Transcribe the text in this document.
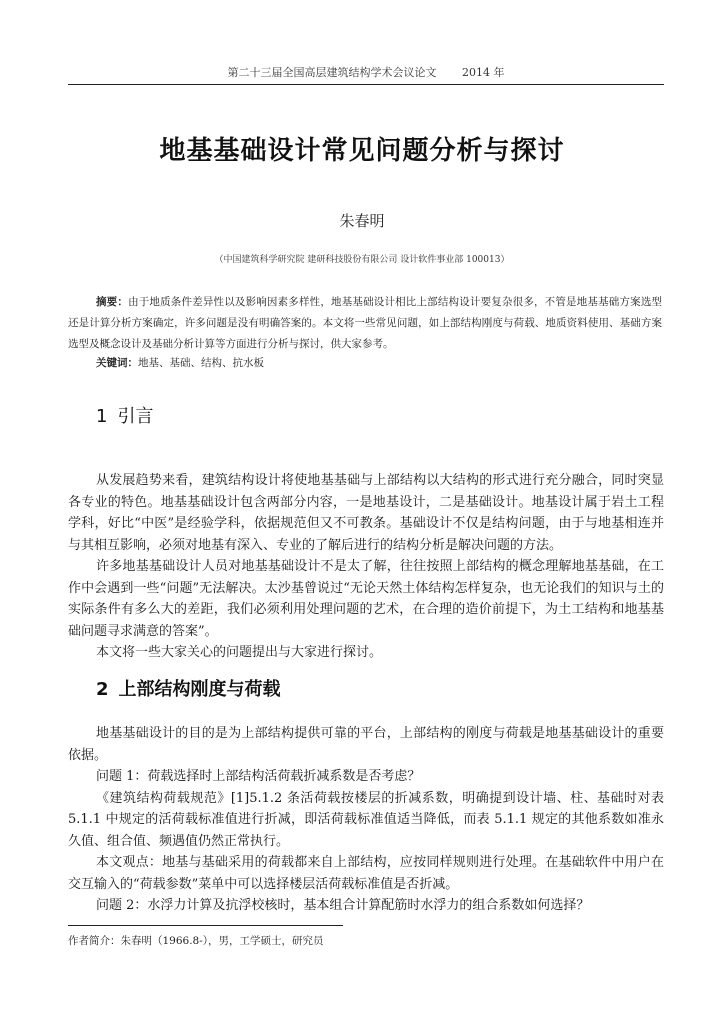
第二十三届全国高层建筑结构学术会议论文 2014 年
地基基础设计常见问题分析与探讨
朱春明
（中国建筑科学研究院 建研科技股份有限公司 设计软件事业部 100013）
摘要：由于地质条件差异性以及影响因素多样性，地基基础设计相比上部结构设计要复杂很多，不管是地基基础方案选型还是计算分析方案确定，许多问题是没有明确答案的。本文将一些常见问题，如上部结构刚度与荷载、地质资料使用、基础方案选型及概念设计及基础分析计算等方面进行分析与探讨，供大家参考。
关键词：地基、基础、结构、抗水板
1 引言

从发展趋势来看，建筑结构设计将使地基基础与上部结构以大结构的形式进行充分融合，同时突显各专业的特色。地基基础设计包含两部分内容，一是地基设计，二是基础设计。地基设计属于岩土工程学科，好比“中医”是经验学科，依据规范但又不可教条。基础设计不仅是结构问题，由于与地基相连并与其相互影响，必须对地基有深入、专业的了解后进行的结构分析是解决问题的方法。

许多地基基础设计人员对地基基础设计不是太了解，往往按照上部结构的概念理解地基基础，在工作中会遇到一些“问题”无法解决。太沙基曾说过“无论天然土体结构怎样复杂，也无论我们的知识与土的实际条件有多么大的差距，我们必须利用处理问题的艺术，在合理的造价前提下，为土工结构和地基基础问题寻求满意的答案”。

本文将一些大家关心的问题提出与大家进行探讨。

2 上部结构刚度与荷载

地基基础设计的目的是为上部结构提供可靠的平台，上部结构的刚度与荷载是地基基础设计的重要依据。

问题 1：荷载选择时上部结构活荷载折减系数是否考虑？

《建筑结构荷载规范》[1]5.1.2 条活荷载按楼层的折减系数，明确提到设计墙、柱、基础时对表 5.1.1 中规定的活荷载标准值进行折减，即活荷载标准值适当降低，而表 5.1.1 规定的其他系数如准永久值、组合值、频遇值仍然正常执行。

本文观点：地基与基础采用的荷载都来自上部结构，应按同样规则进行处理。在基础软件中用户在交互输入的“荷载参数”菜单中可以选择楼层活荷载标准值是否折减。

问题 2：水浮力计算及抗浮校核时，基本组合计算配筋时水浮力的组合系数如何选择？

作者简介：朱春明（1966.8-），男，工学硕士，研究员
